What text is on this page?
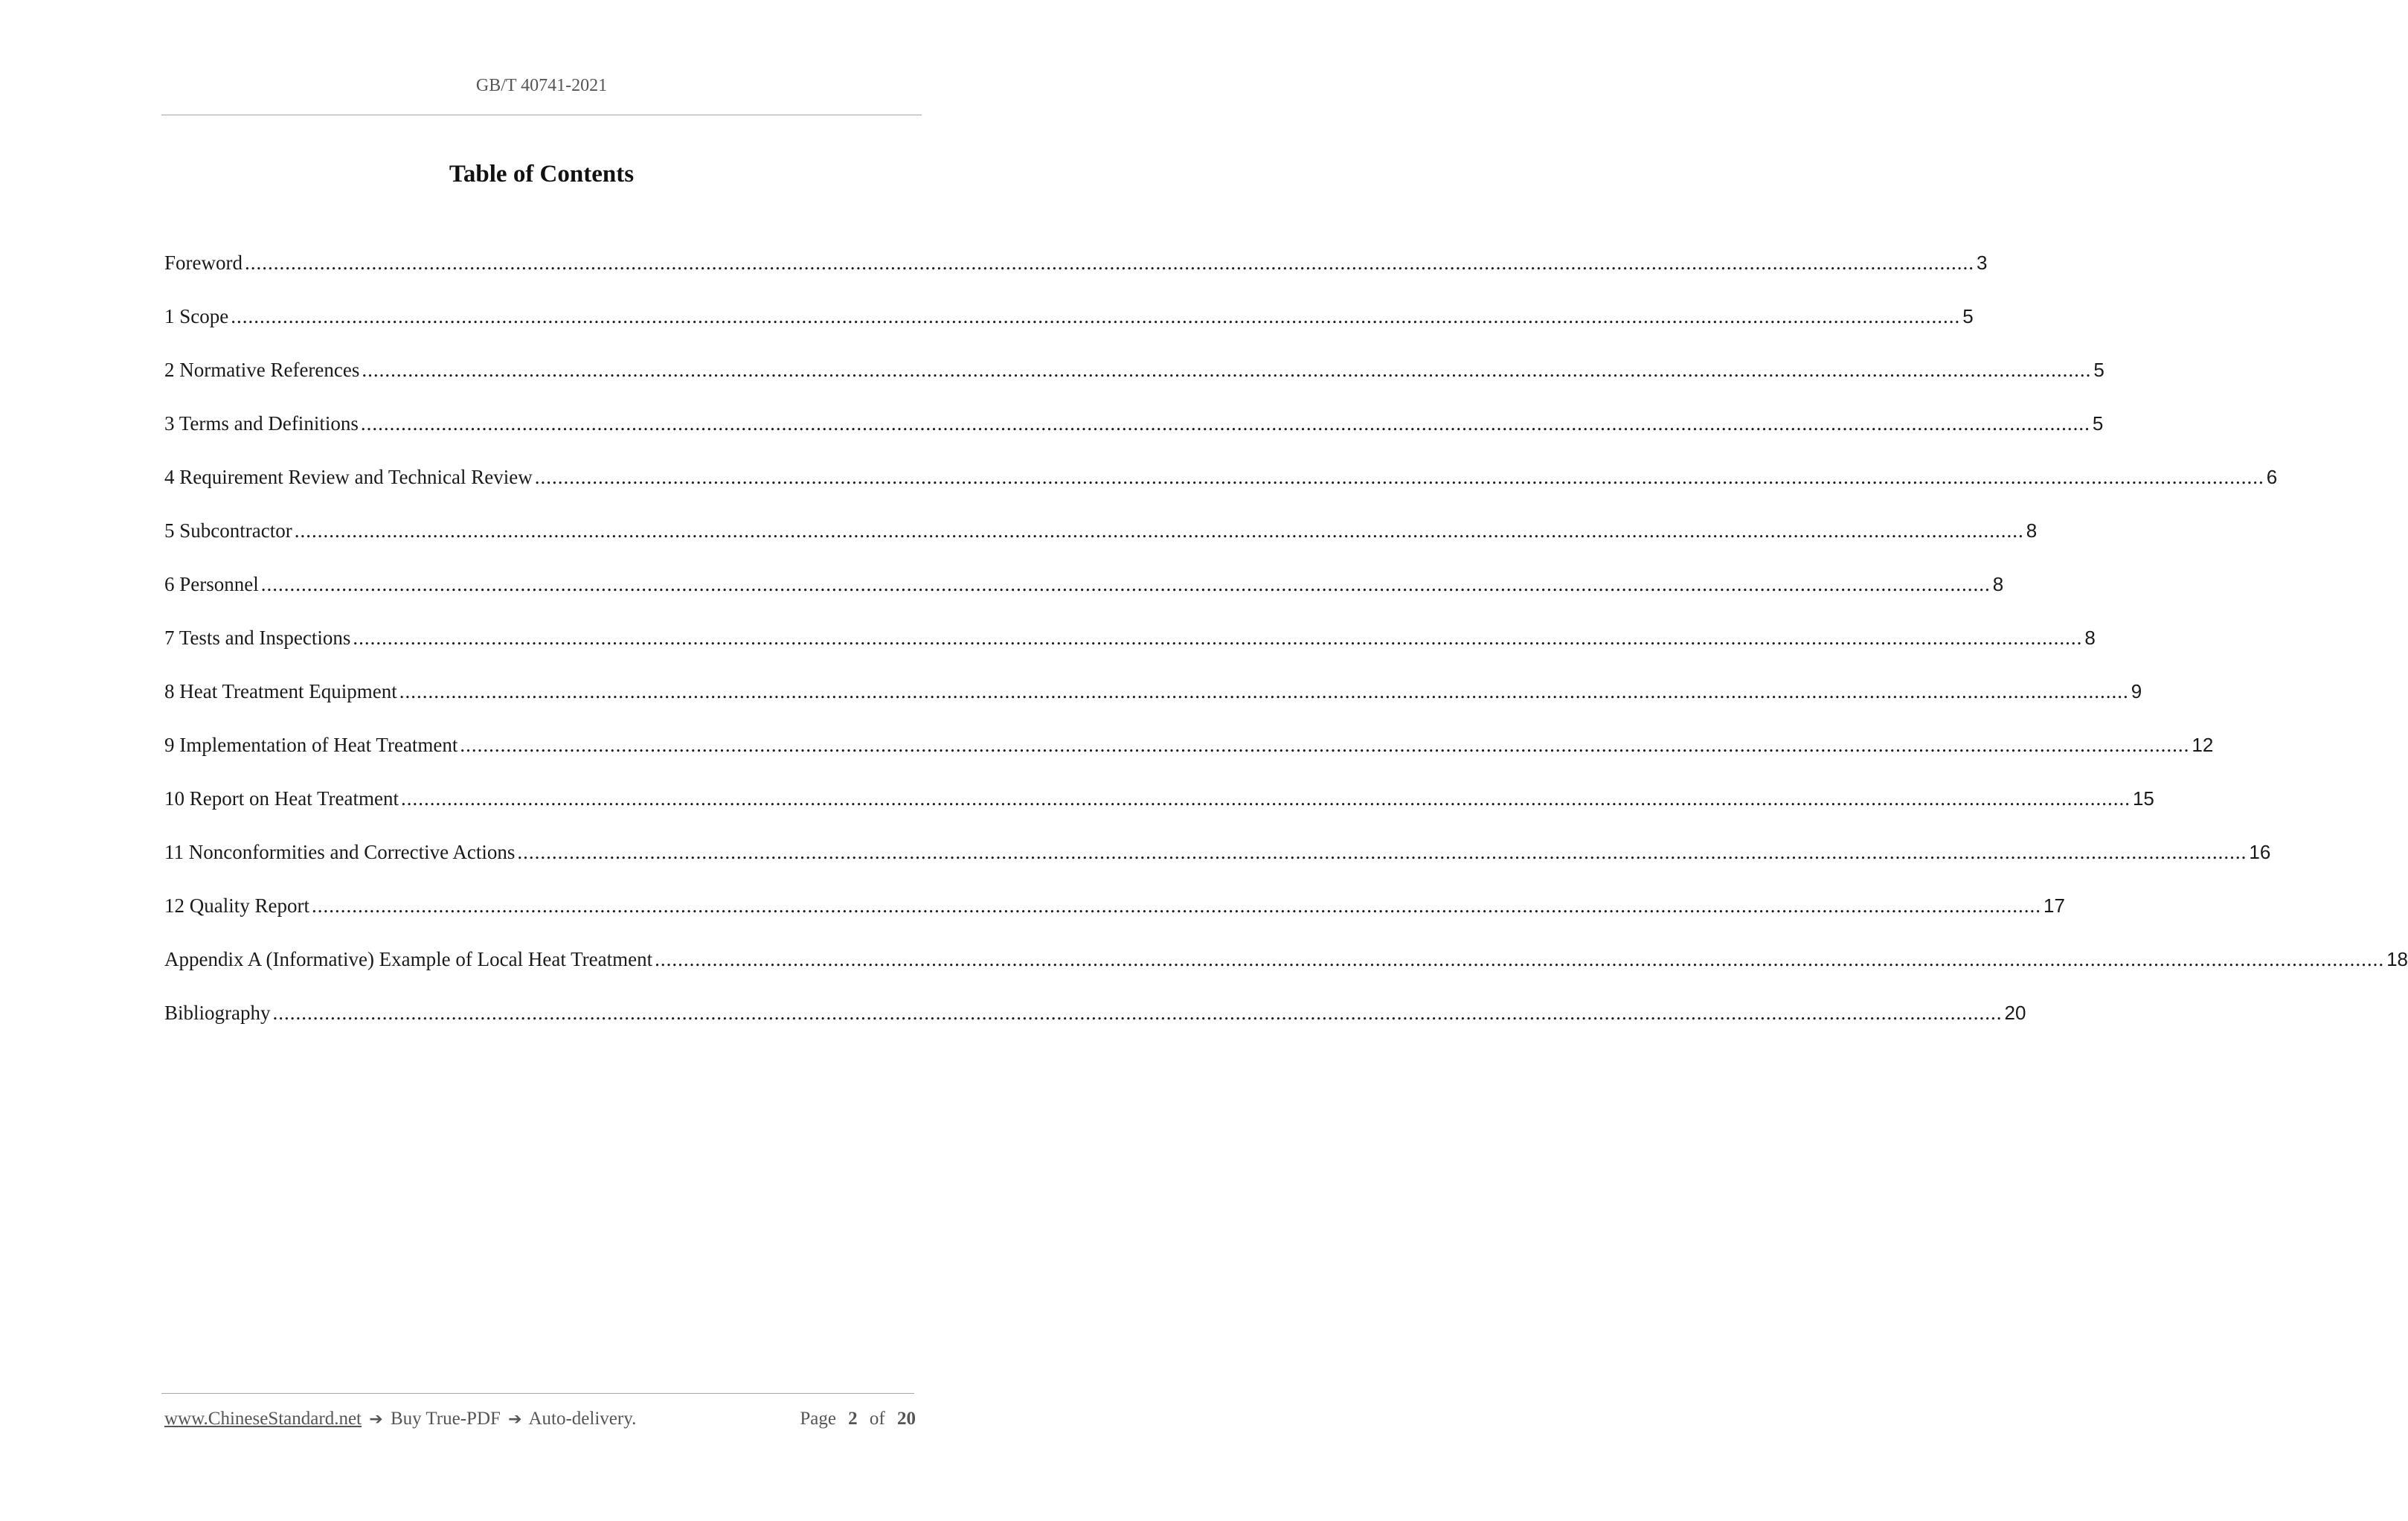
GB/T 40741-2021
Table of Contents
Foreword ............................................................................................................................................................................................................................................................................................................ 3
1 Scope ............................................................................................................................................................................................................................................................................................................ 5
2 Normative References ............................................................................................................................................................................................................................................................................................................ 5
3 Terms and Definitions ............................................................................................................................................................................................................................................................................................................ 5
4 Requirement Review and Technical Review ............................................................................................................................................................................................................................................................................................................ 6
5 Subcontractor ............................................................................................................................................................................................................................................................................................................ 8
6 Personnel ............................................................................................................................................................................................................................................................................................................ 8
7 Tests and Inspections ............................................................................................................................................................................................................................................................................................................ 8
8 Heat Treatment Equipment ............................................................................................................................................................................................................................................................................................................ 9
9 Implementation of Heat Treatment ............................................................................................................................................................................................................................................................................................................ 12
10 Report on Heat Treatment ............................................................................................................................................................................................................................................................................................................ 15
11 Nonconformities and Corrective Actions ............................................................................................................................................................................................................................................................................................................ 16
12 Quality Report ............................................................................................................................................................................................................................................................................................................ 17
Appendix A (Informative) Example of Local Heat Treatment ............................................................................................................................................................................................................................................................................................................ 18
Bibliography ............................................................................................................................................................................................................................................................................................................ 20
www.ChineseStandard.net ➔ Buy True-PDF ➔ Auto-delivery.	Page 2 of 20
